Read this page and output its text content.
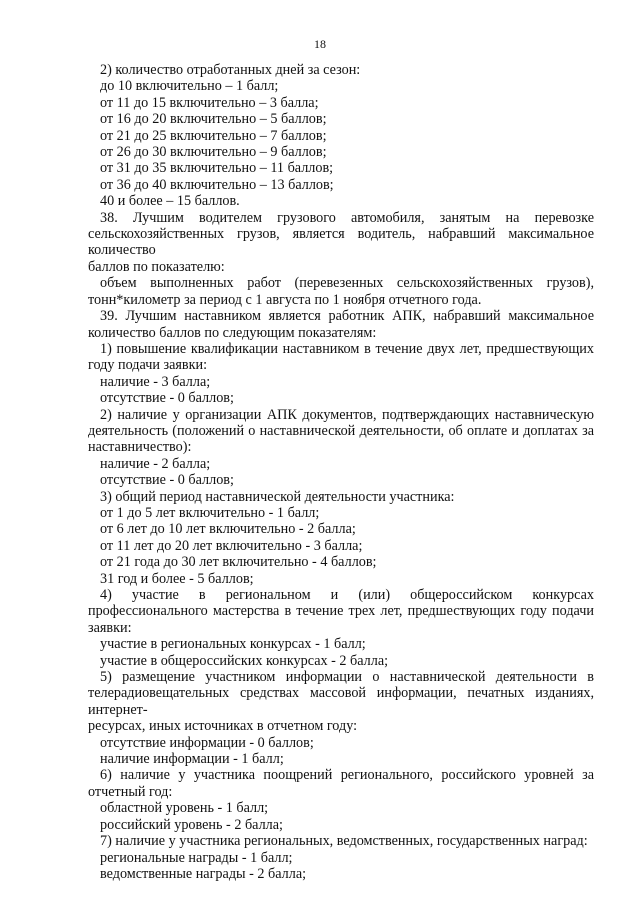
18

2) количество отработанных дней за сезон:

до 10 включительно – 1 балл;

от 11 до 15 включительно – 3 балла;

от 16 до 20 включительно – 5 баллов;

от 21 до 25 включительно – 7 баллов;

от 26 до 30 включительно – 9 баллов;

от 31 до 35 включительно – 11 баллов;

от 36 до 40 включительно – 13 баллов;

40 и более – 15 баллов.

38. Лучшим водителем грузового автомобиля, занятым на перевозке

сельскохозяйственных грузов, является водитель, набравший максимальное количество

баллов по показателю:

объем выполненных работ (перевезенных сельскохозяйственных грузов),

тонн*километр за период с 1 августа по 1 ноября отчетного года.

39. Лучшим наставником является работник АПК, набравший максимальное

количество баллов по следующим показателям:

1) повышение квалификации наставником в течение двух лет, предшествующих

году подачи заявки:

наличие - 3 балла;

отсутствие - 0 баллов;

2) наличие у организации АПК документов, подтверждающих наставническую

деятельность (положений о наставнической деятельности, об оплате и доплатах за

наставничество):

наличие - 2 балла;

отсутствие - 0 баллов;

3) общий период наставнической деятельности участника:

от 1 до 5 лет включительно - 1 балл;

от 6 лет до 10 лет включительно - 2 балла;

от 11 лет до 20 лет включительно - 3 балла;

от 21 года до 30 лет включительно - 4 баллов;

31 год и более - 5 баллов;

4) участие в региональном и (или) общероссийском конкурсах

профессионального мастерства в течение трех лет, предшествующих году подачи

заявки:

участие в региональных конкурсах - 1 балл;

участие в общероссийских конкурсах - 2 балла;

5) размещение участником информации о наставнической деятельности в

телерадиовещательных средствах массовой информации, печатных изданиях, интернет-

ресурсах, иных источниках в отчетном году:

отсутствие информации - 0 баллов;

наличие информации - 1 балл;

6) наличие у участника поощрений регионального, российского уровней за

отчетный год:

областной уровень - 1 балл;

российский уровень - 2 балла;

7) наличие у участника региональных, ведомственных, государственных наград:

региональные награды - 1 балл;

ведомственные награды - 2 балла;
